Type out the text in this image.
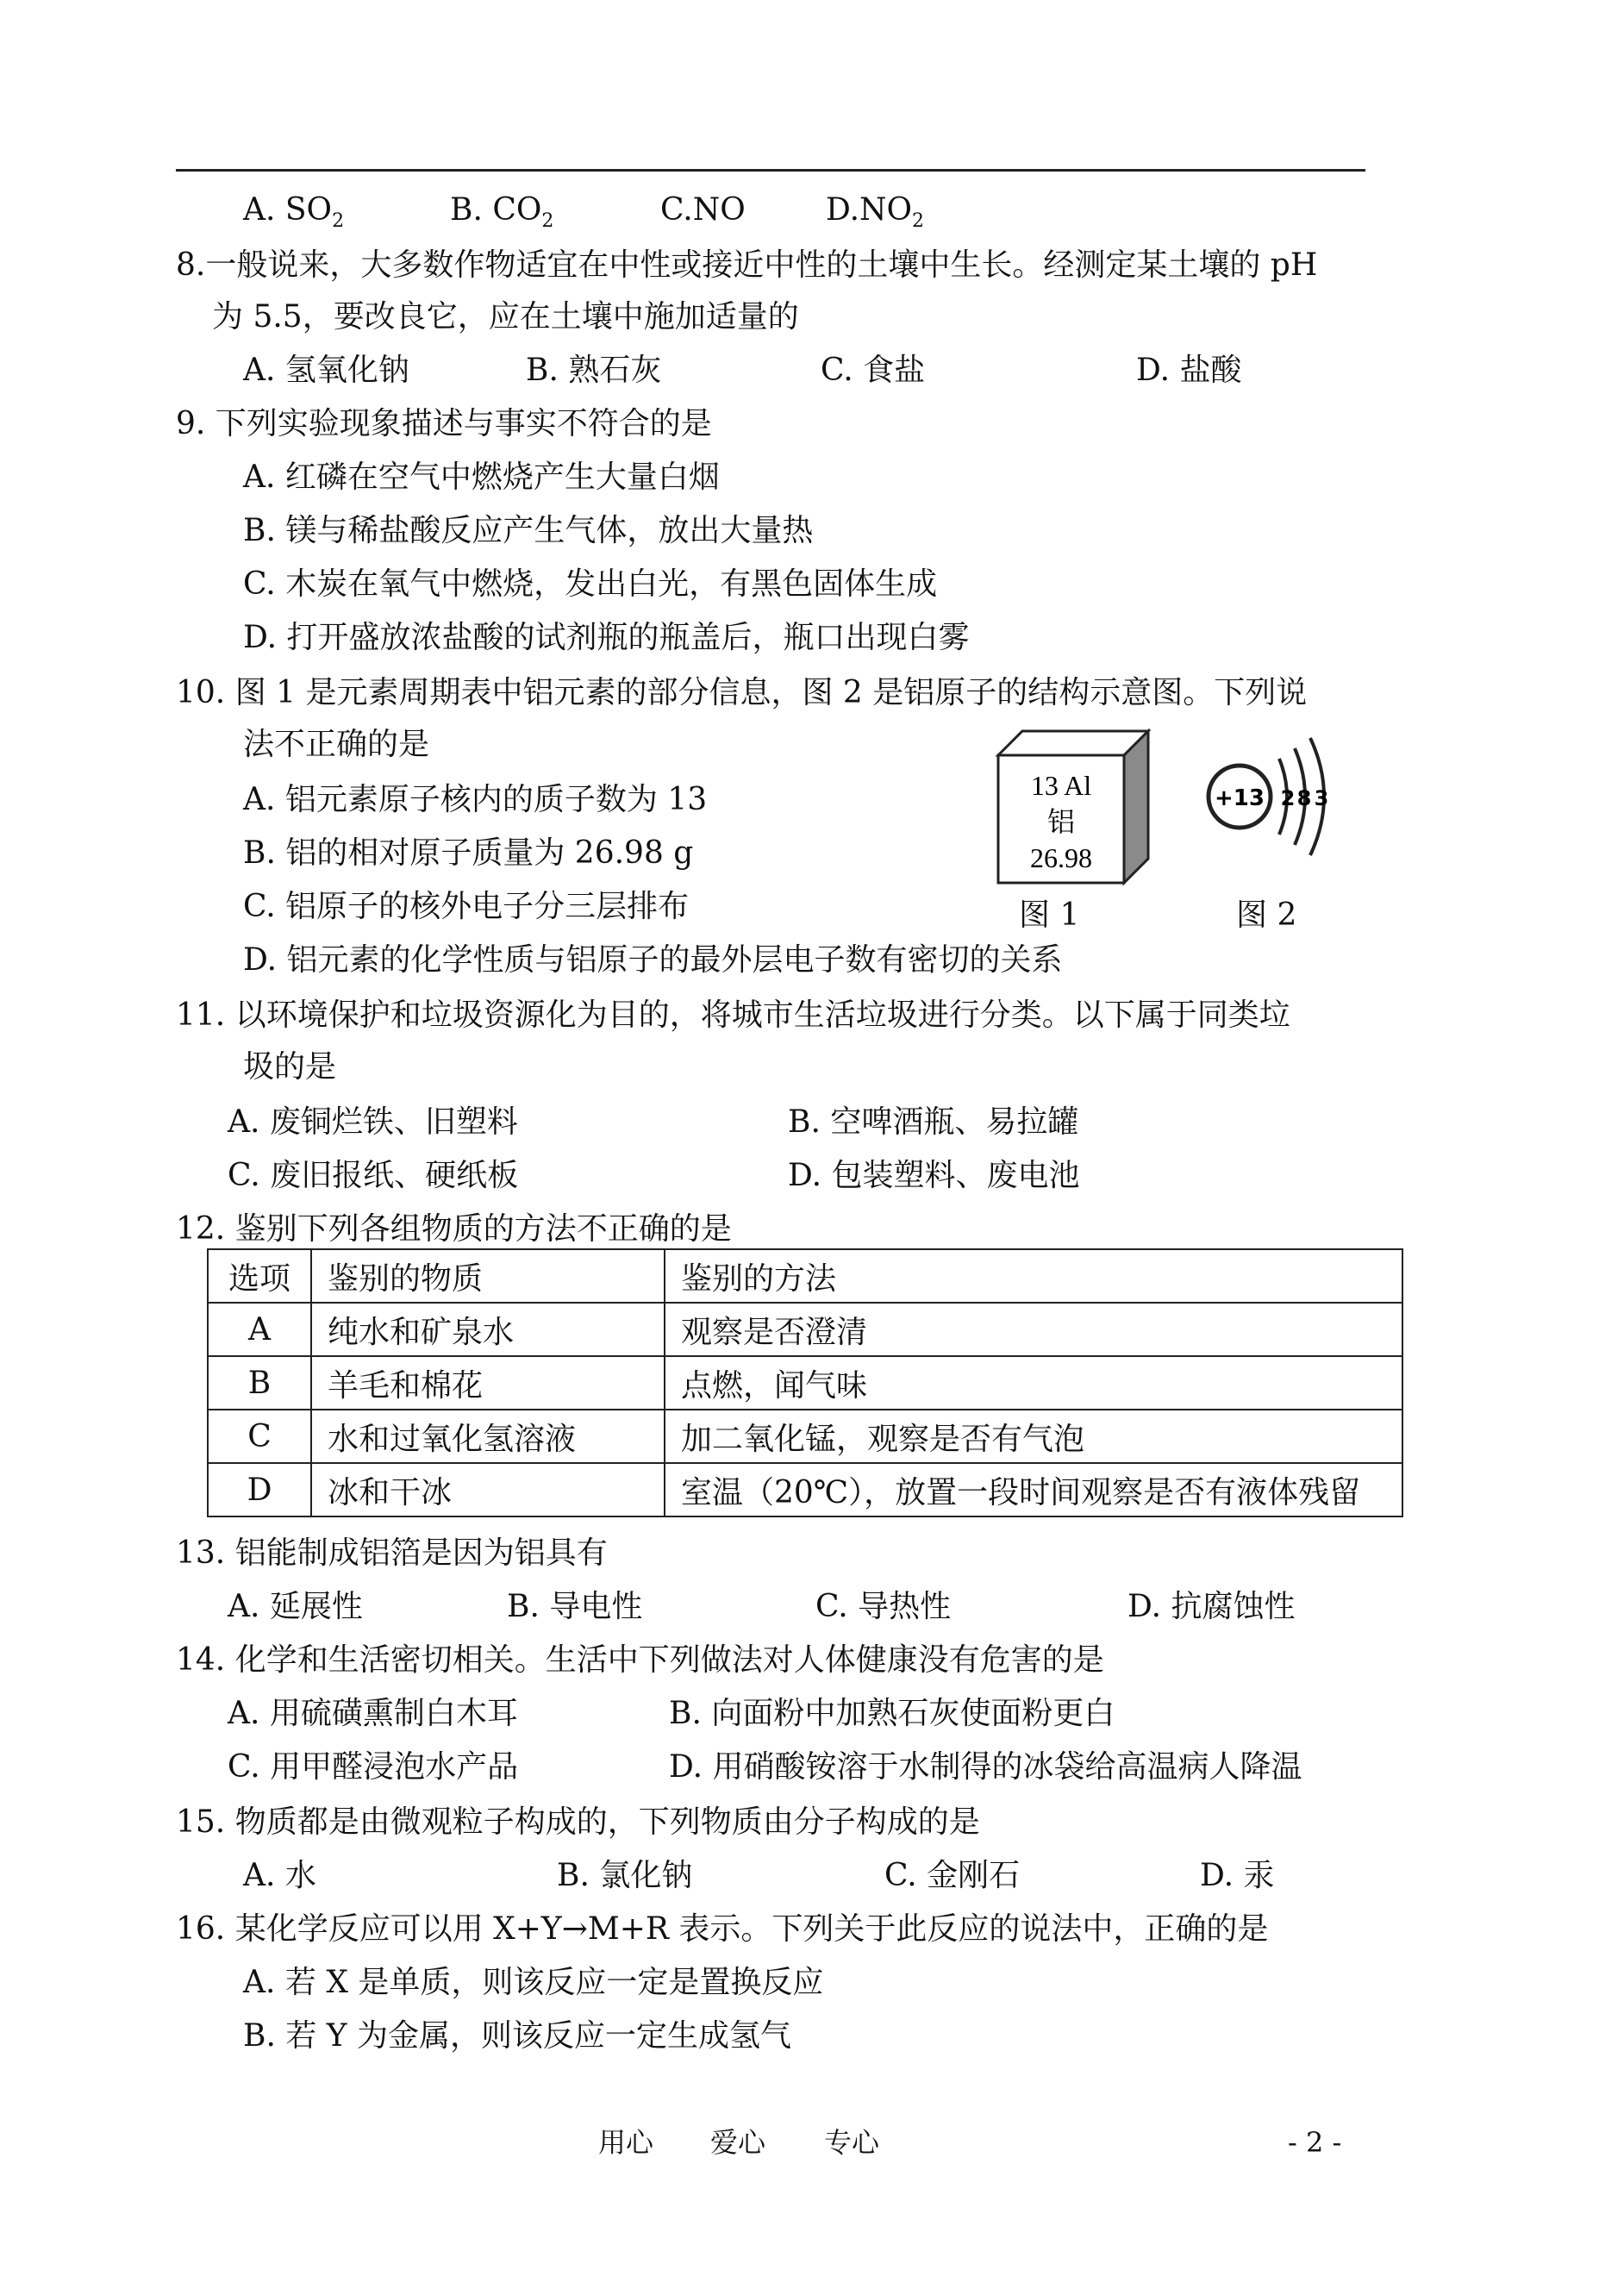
A. $SO_2$	B. $CO_2$	C.NO	$D.NO_2$
8.一般说来，大多数作物适宜在中性或接近中性的土壤中生长。经测定某土壤的 pH
为 5.5，要改良它，应在土壤中施加适量的
A. 氢氧化钠	B. 熟石灰	C. 食盐	D. 盐酸
9. 下列实验现象描述与事实不符合的是
A. 红磷在空气中燃烧产生大量白烟
B. 镁与稀盐酸反应产生气体，放出大量热
C. 木炭在氧气中燃烧，发出白光，有黑色固体生成
D. 打开盛放浓盐酸的试剂瓶的瓶盖后，瓶口出现白雾
10. 图 1 是元素周期表中铝元素的部分信息，图 2 是铝原子的结构示意图。下列说
法不正确的是
A. 铝元素原子核内的质子数为 13
B. 铝的相对原子质量为 26.98 g
C. 铝原子的核外电子分三层排布
D. 铝元素的化学性质与铝原子的最外层电子数有密切的关系
13 Al
铝
26.98
图 1
+13 2 8 3
图 2
11. 以环境保护和垃圾资源化为目的，将城市生活垃圾进行分类。以下属于同类垃
圾的是
A. 废铜烂铁、旧塑料	B. 空啤酒瓶、易拉罐
C. 废旧报纸、硬纸板	D. 包装塑料、废电池
12. 鉴别下列各组物质的方法不正确的是
选项	鉴别的物质	鉴别的方法
A	纯水和矿泉水	观察是否澄清
B	羊毛和棉花	点燃，闻气味
C	水和过氧化氢溶液	加二氧化锰，观察是否有气泡
D	冰和干冰	室温（20℃），放置一段时间观察是否有液体残留
13. 铝能制成铝箔是因为铝具有
A. 延展性	B. 导电性	C. 导热性	D. 抗腐蚀性
14. 化学和生活密切相关。生活中下列做法对人体健康没有危害的是
A. 用硫磺熏制白木耳	B. 向面粉中加熟石灰使面粉更白
C. 用甲醛浸泡水产品	D. 用硝酸铵溶于水制得的冰袋给高温病人降温
15. 物质都是由微观粒子构成的，下列物质由分子构成的是
A. 水	B. 氯化钠	C. 金刚石	D. 汞
16. 某化学反应可以用 X+Y→M+R 表示。下列关于此反应的说法中，正确的是
A. 若 X 是单质，则该反应一定是置换反应
B. 若 Y 为金属，则该反应一定生成氢气
用心 爱心 专心	- 2 -
